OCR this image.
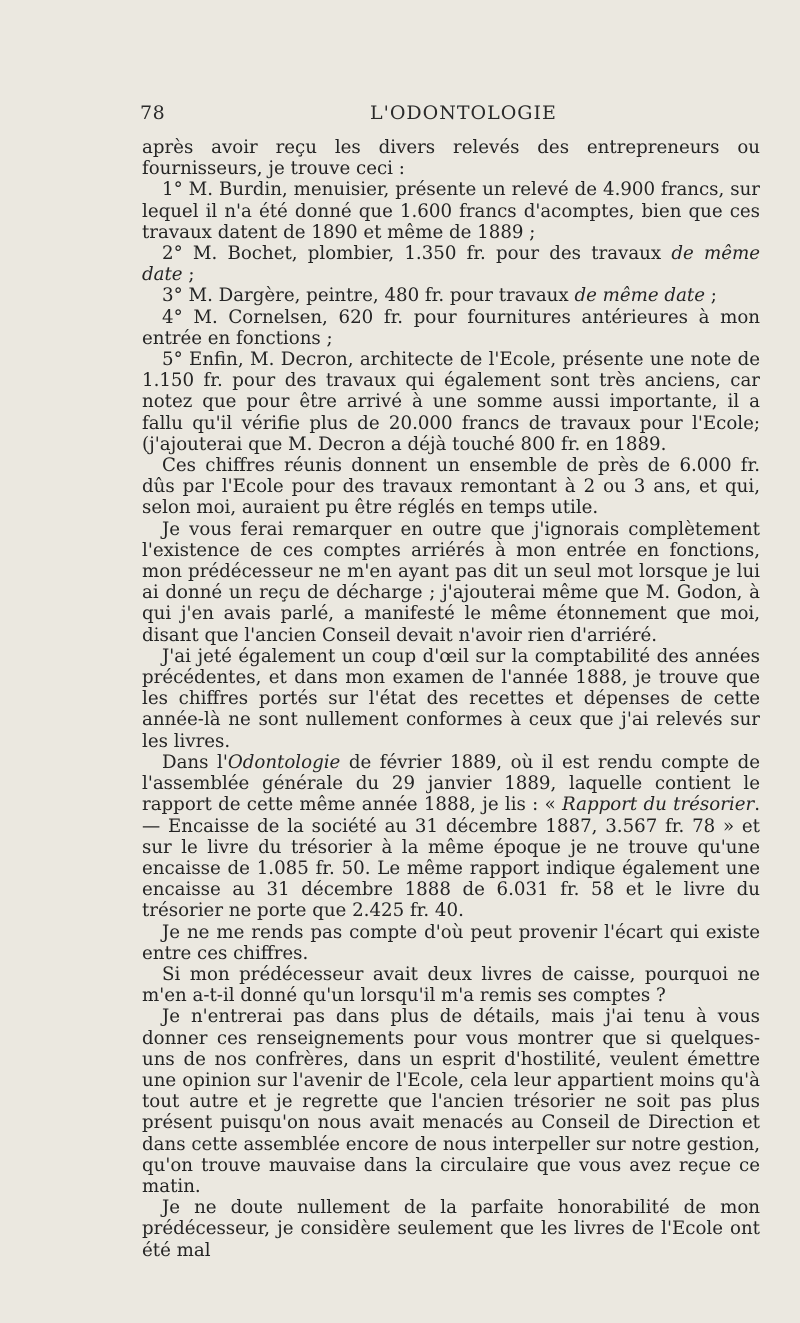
78	L'ODONTOLOGIE

après avoir reçu les divers relevés des entrepreneurs ou fournisseurs, je trouve ceci :

1° M. Burdin, menuisier, présente un relevé de 4.900 francs, sur lequel il n'a été donné que 1.600 francs d'acomptes, bien que ces travaux datent de 1890 et même de 1889 ;

2° M. Bochet, plombier, 1.350 fr. pour des travaux de même date ;

3° M. Dargère, peintre, 480 fr. pour travaux de même date ;

4° M. Cornelsen, 620 fr. pour fournitures antérieures à mon entrée en fonctions ;

5° Enfin, M. Decron, architecte de l'Ecole, présente une note de 1.150 fr. pour des travaux qui également sont très anciens, car notez que pour être arrivé à une somme aussi importante, il a fallu qu'il vérifie plus de 20.000 francs de travaux pour l'Ecole; (j'ajouterai que M. Decron a déjà touché 800 fr. en 1889.

Ces chiffres réunis donnent un ensemble de près de 6.000 fr. dûs par l'Ecole pour des travaux remontant à 2 ou 3 ans, et qui, selon moi, auraient pu être réglés en temps utile.

Je vous ferai remarquer en outre que j'ignorais complètement l'existence de ces comptes arriérés à mon entrée en fonctions, mon prédécesseur ne m'en ayant pas dit un seul mot lorsque je lui ai donné un reçu de décharge ; j'ajouterai même que M. Godon, à qui j'en avais parlé, a manifesté le même étonnement que moi, disant que l'ancien Conseil devait n'avoir rien d'arriéré.

J'ai jeté également un coup d'œil sur la comptabilité des années précédentes, et dans mon examen de l'année 1888, je trouve que les chiffres portés sur l'état des recettes et dépenses de cette année-là ne sont nullement conformes à ceux que j'ai relevés sur les livres.

Dans l'Odontologie de février 1889, où il est rendu compte de l'assemblée générale du 29 janvier 1889, laquelle contient le rapport de cette même année 1888, je lis : « Rapport du trésorier. — Encaisse de la société au 31 décembre 1887, 3.567 fr. 78 » et sur le livre du trésorier à la même époque je ne trouve qu'une encaisse de 1.085 fr. 50. Le même rapport indique également une encaisse au 31 décembre 1888 de 6.031 fr. 58 et le livre du trésorier ne porte que 2.425 fr. 40.

Je ne me rends pas compte d'où peut provenir l'écart qui existe entre ces chiffres.

Si mon prédécesseur avait deux livres de caisse, pourquoi ne m'en a-t-il donné qu'un lorsqu'il m'a remis ses comptes ?

Je n'entrerai pas dans plus de détails, mais j'ai tenu à vous donner ces renseignements pour vous montrer que si quelques-uns de nos confrères, dans un esprit d'hostilité, veulent émettre une opinion sur l'avenir de l'Ecole, cela leur appartient moins qu'à tout autre et je regrette que l'ancien trésorier ne soit pas plus présent puisqu'on nous avait menacés au Conseil de Direction et dans cette assemblée encore de nous interpeller sur notre gestion, qu'on trouve mauvaise dans la circulaire que vous avez reçue ce matin.

Je ne doute nullement de la parfaite honorabilité de mon prédécesseur, je considère seulement que les livres de l'Ecole ont été mal
